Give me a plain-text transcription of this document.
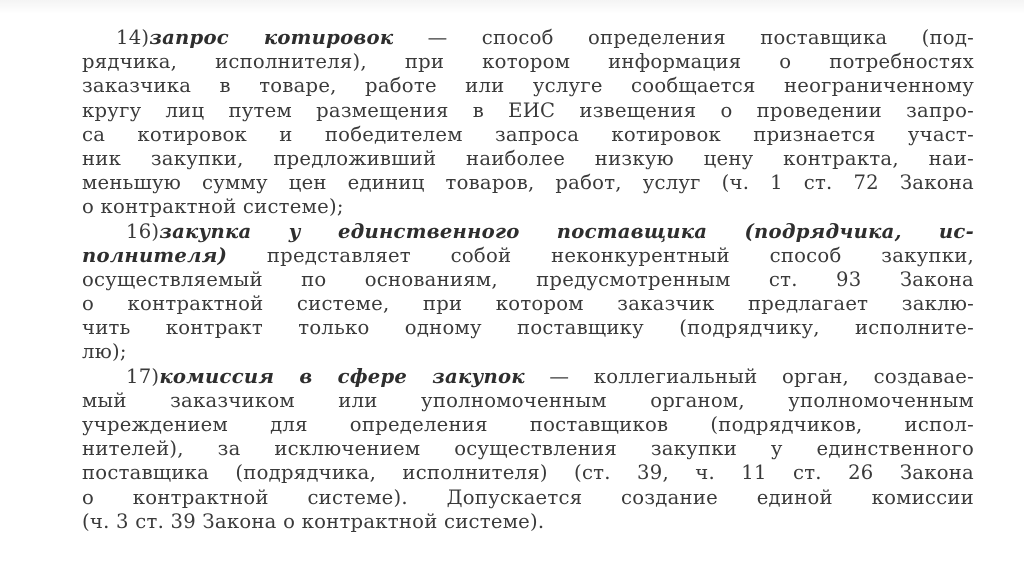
14)запрос котировок — способ определения поставщика (под-
рядчика, исполнителя), при котором информация о потребностях
заказчика в товаре, работе или услуге сообщается неограниченному
кругу лиц путем размещения в ЕИС извещения о проведении запро-
са котировок и победителем запроса котировок признается участ-
ник закупки, предложивший наиболее низкую цену контракта, наи-
меньшую сумму цен единиц товаров, работ, услуг (ч. 1 ст. 72 Закона
о контрактной системе);
16)закупка у единственного поставщика (подрядчика, ис-
полнителя) представляет собой неконкурентный способ закупки,
осуществляемый по основаниям, предусмотренным ст. 93 Закона
о контрактной системе, при котором заказчик предлагает заклю-
чить контракт только одному поставщику (подрядчику, исполните-
лю);
17)комиссия в сфере закупок — коллегиальный орган, создавае-
мый заказчиком или уполномоченным органом, уполномоченным
учреждением для определения поставщиков (подрядчиков, испол-
нителей), за исключением осуществления закупки у единственного
поставщика (подрядчика, исполнителя) (ст. 39, ч. 11 ст. 26 Закона
о контрактной системе). Допускается создание единой комиссии
(ч. 3 ст. 39 Закона о контрактной системе).
